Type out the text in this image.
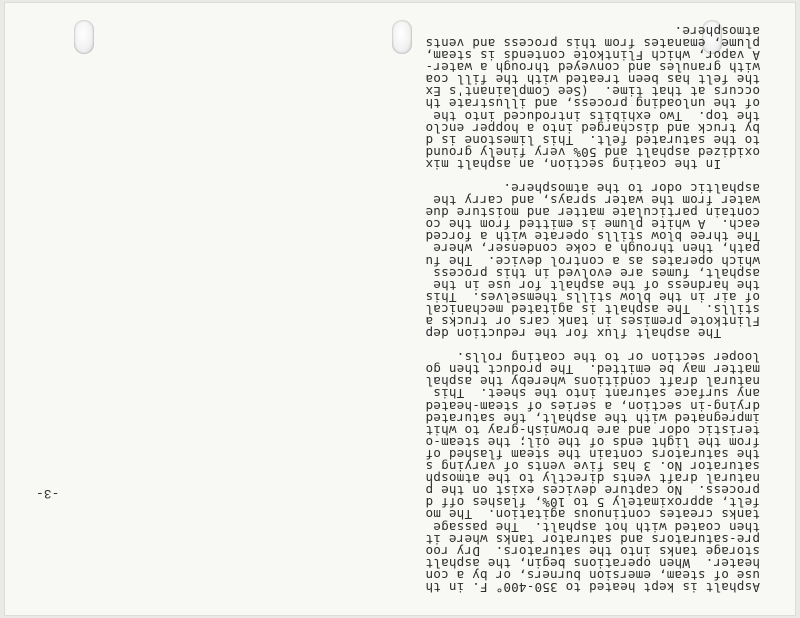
Asphalt is kept heated to 350-400° F. in th
use of steam, emersion burners, or by a con
heater.  When operations begin, the asphalt
storage tanks into the saturators.  Dry roo
pre-saturators and saturator tanks where it
then coated with hot asphalt.  The passage
tanks creates continuous agitation.  The mo
felt, approximately 5 to 10%, flashes off d
process.  No capture devices exist on the p
natural draft vents directly to the atmosph
saturator No. 3 has five vents of varying s
the saturators contain the steam flashed of
from the light ends of the oil; the steam-o
teristic odor and are brownish-gray to whit
impregnated with the asphalt, the saturated
drying-in section, a series of steam-heated
any surface saturant into the sheet.  This
natural draft conditions whereby the asphal
matter may be emitted.  The product then go
looper section or to the coating rolls.
The asphalt flux for the reduction dep
Flintkote premises in tank cars or trucks a
stills.  The asphalt is agitated mechanical
of air in the blow stills themselves.  This
the hardness of the asphalt for use in the
asphalt, fumes are evolved in this process
which operates as a control device.  The fu
path, then through a coke condenser, where
The three blow stills operate with a forced
each.  A white plume is emitted from the co
contain particulate matter and moisture due
water from the water sprays, and carry the
asphaltic odor to the atmosphere.
In the coating section, an asphalt mix
oxidized asphalt and 50% very finely ground
to the saturated felt.  This limestone is d
by truck and discharged into a hopper enclo
the top.  Two exhibits introduced into the
of the unloading process, and illustrate th
occurs at that time.  (See Complainant's Ex
the felt has been treated with the fill coa
with granules and conveyed through a water-
A vapor, which Flintkote contends is steam,
plume, emanates from this process and vents
atmosphere.
-3-
